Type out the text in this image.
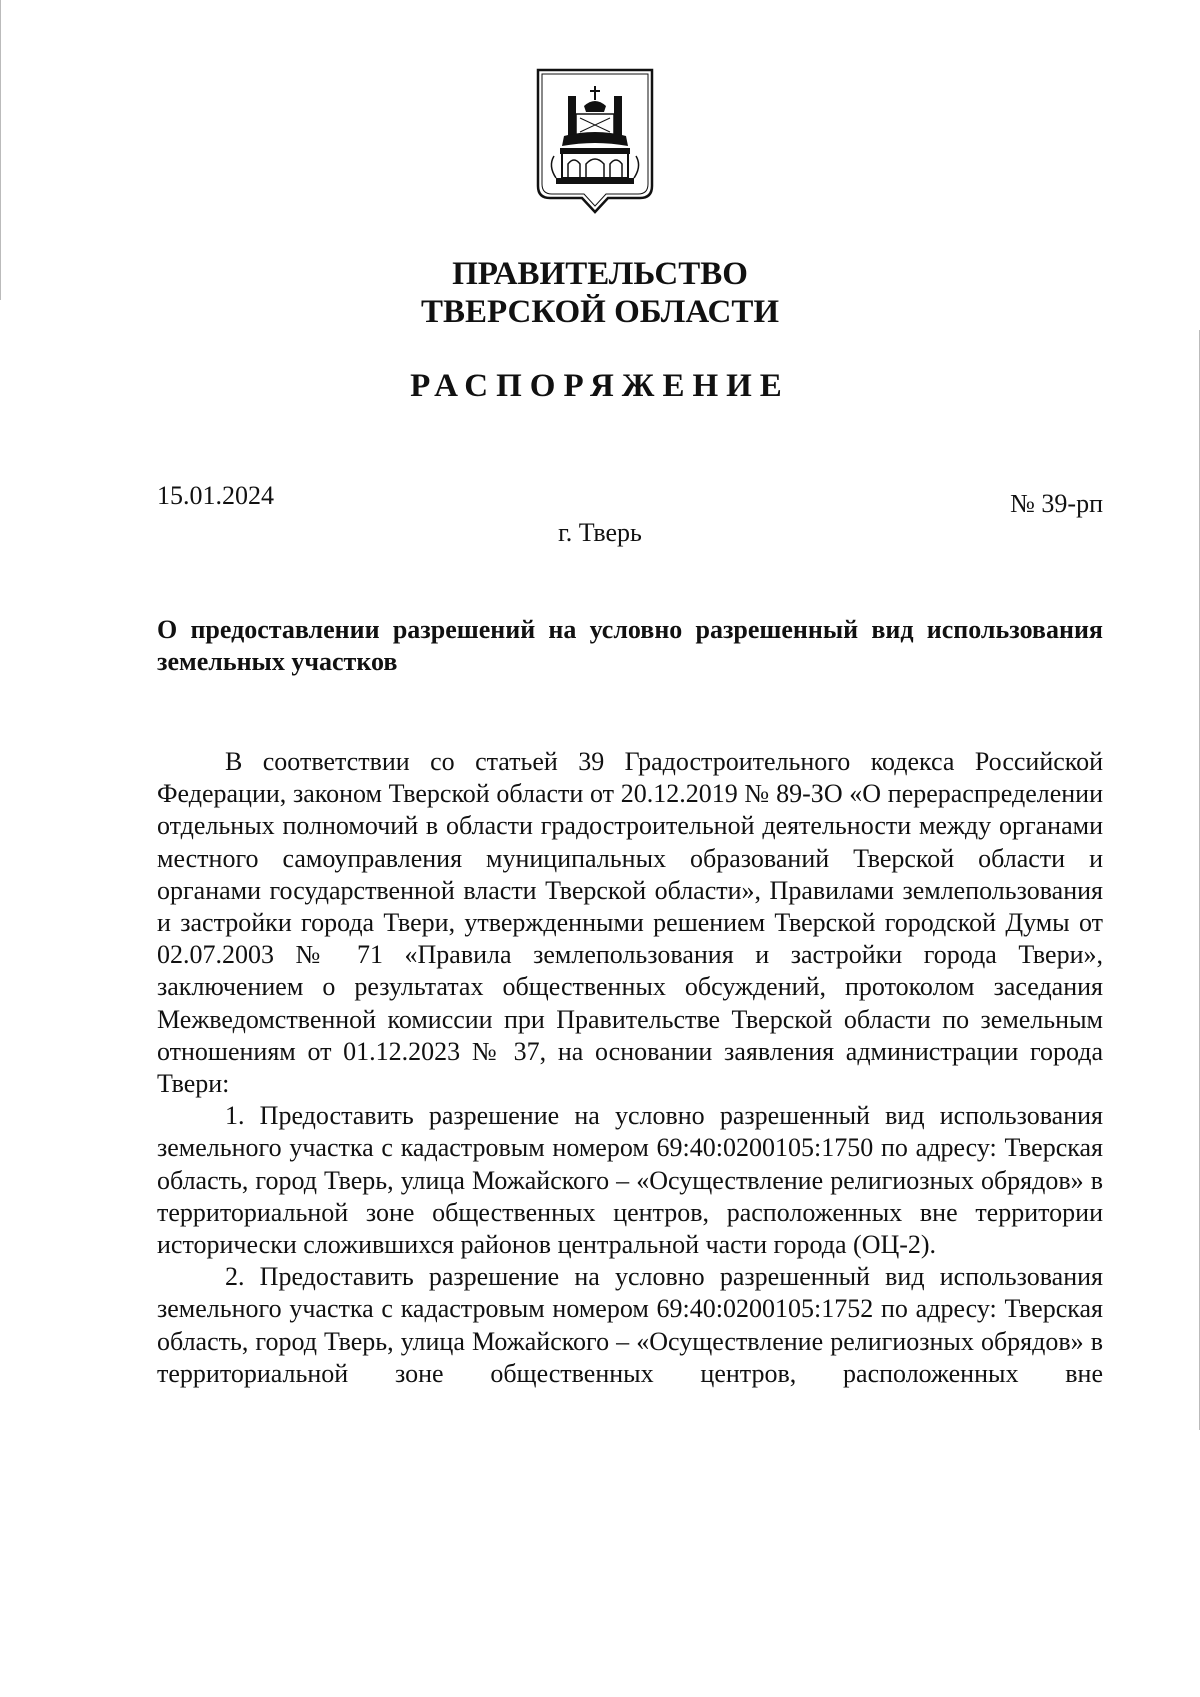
ПРАВИТЕЛЬСТВО
ТВЕРСКОЙ ОБЛАСТИ
РАСПОРЯЖЕНИЕ
15.01.2024	№ 39-рп
г. Тверь
О предоставлении разрешений на условно разрешенный вид использования земельных участков

В соответствии со статьей 39 Градостроительного кодекса Российской Федерации, законом Тверской области от 20.12.2019 № 89-ЗО «О перераспределении отдельных полномочий в области градостроительной деятельности между органами местного самоуправления муниципальных образований Тверской области и органами государственной власти Тверской области», Правилами землепользования и застройки города Твери, утвержденными решением Тверской городской Думы от 02.07.2003 № 71 «Правила землепользования и застройки города Твери», заключением о результатах общественных обсуждений, протоколом заседания Межведомственной комиссии при Правительстве Тверской области по земельным отношениям от 01.12.2023 № 37, на основании заявления администрации города Твери:

1. Предоставить разрешение на условно разрешенный вид использования земельного участка с кадастровым номером 69:40:0200105:1750 по адресу: Тверская область, город Тверь, улица Можайского – «Осуществление религиозных обрядов» в территориальной зоне общественных центров, расположенных вне территории исторически сложившихся районов центральной части города (ОЦ-2).

2. Предоставить разрешение на условно разрешенный вид использования земельного участка с кадастровым номером 69:40:0200105:1752 по адресу: Тверская область, город Тверь, улица Можайского – «Осуществление религиозных обрядов» в территориальной зоне общественных центров, расположенных вне
